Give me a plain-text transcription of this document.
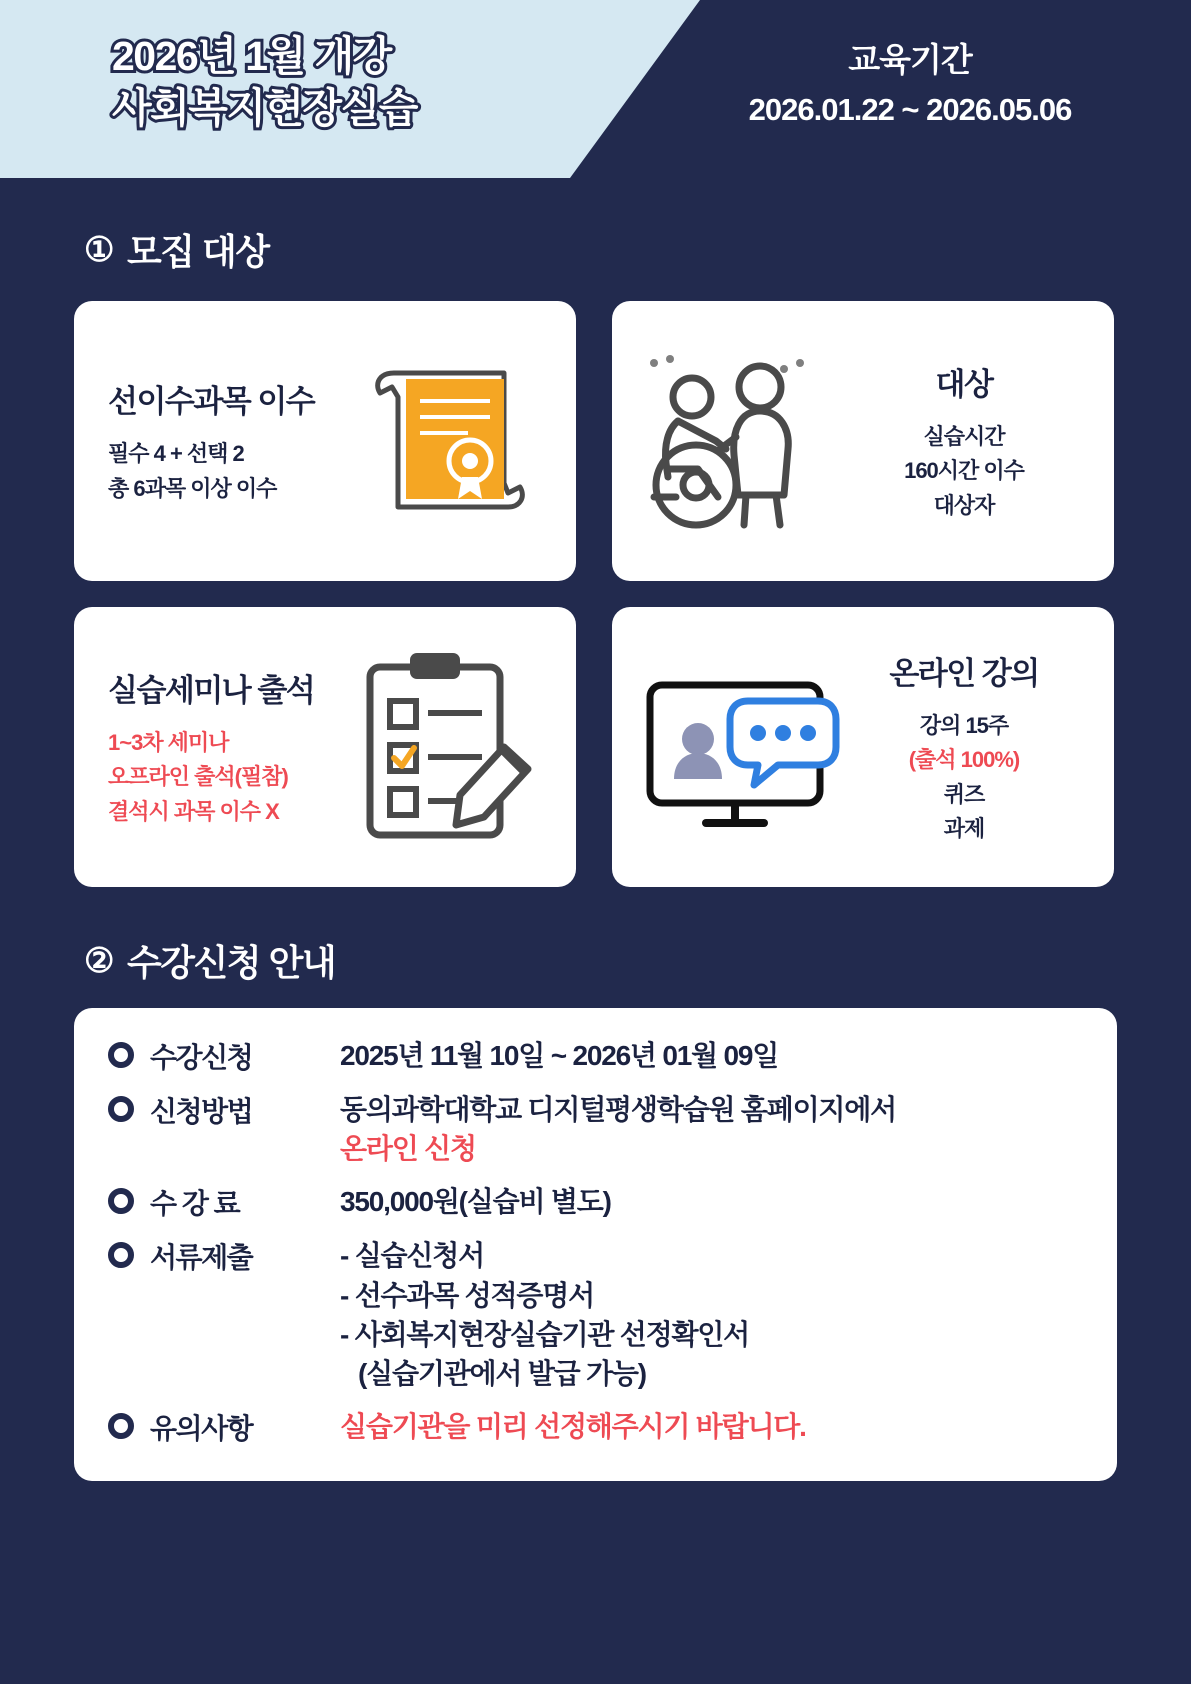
2026년 1월 개강
사회복지현장실습
교육기간
2026.01.22 ~ 2026.05.06
① 모집 대상
선이수과목 이수
필수 4 + 선택 2
총 6과목 이상 이수
대상
실습시간
160시간 이수
대상자
실습세미나 출석
1~3차 세미나
오프라인 출석(필참)
결석시 과목 이수 X
온라인 강의
강의 15주
(출석 100%)
퀴즈
과제
② 수강신청 안내
수강신청	2025년 11월 10일 ~ 2026년 01월 09일
신청방법	동의과학대학교 디지털평생학습원 홈페이지에서
온라인 신청
수 강 료	350,000원(실습비 별도)
서류제출	- 실습신청서
- 선수과목 성적증명서
- 사회복지현장실습기관 선정확인서
(실습기관에서 발급 가능)
유의사항	실습기관을 미리 선정해주시기 바랍니다.
